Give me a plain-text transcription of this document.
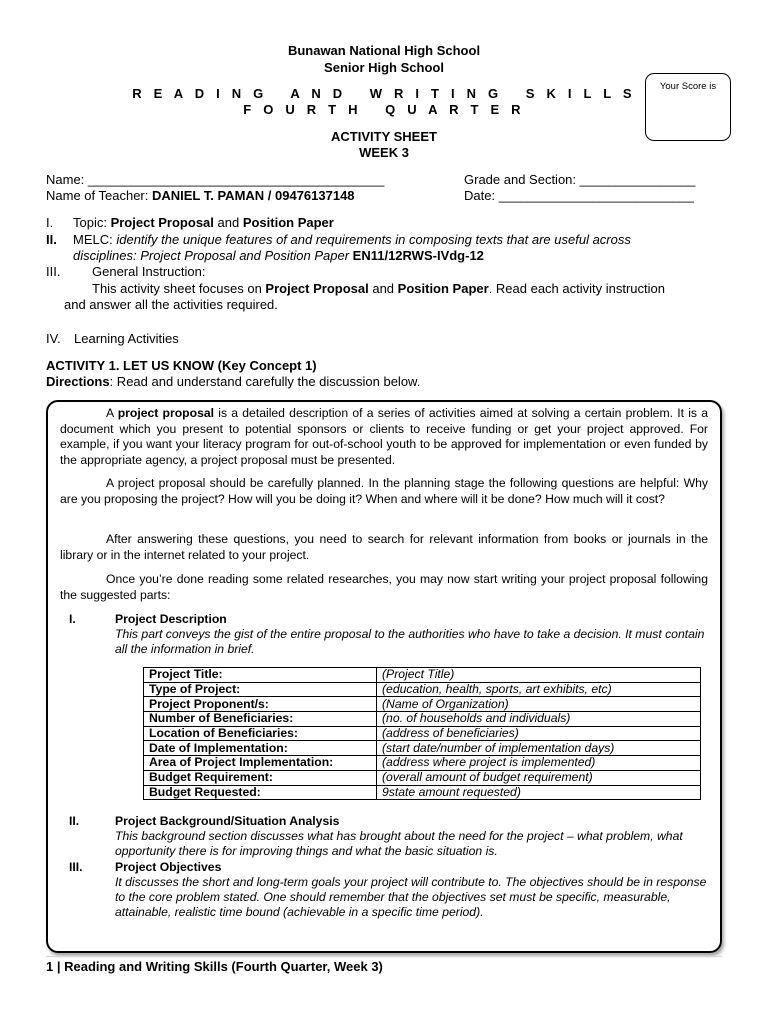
Bunawan National High School
Senior High School
R E A D I N G   A N D   W R I T I N G   S K I L L S
F O U R T H   Q U A R T E R
ACTIVITY SHEET
WEEK 3
Your Score is
Name: _________________________________________
Name of Teacher: DANIEL T. PAMAN / 09476137148
Grade and Section: ________________
Date: ___________________________
I. Topic: Project Proposal and Position Paper
II. MELC: identify the unique features of and requirements in composing texts that are useful across
disciplines: Project Proposal and Position Paper EN11/12RWS-IVdg-12
III. General Instruction:
This activity sheet focuses on Project Proposal and Position Paper. Read each activity instruction
and answer all the activities required.
IV. Learning Activities
ACTIVITY 1. LET US KNOW (Key Concept 1)
Directions: Read and understand carefully the discussion below.
A project proposal is a detailed description of a series of activities aimed at solving a certain problem. It is a document which you present to potential sponsors or clients to receive funding or get your project approved. For example, if you want your literacy program for out-of-school youth to be approved for implementation or even funded by the appropriate agency, a project proposal must be presented.
A project proposal should be carefully planned. In the planning stage the following questions are helpful: Why are you proposing the project? How will you be doing it? When and where will it be done? How much will it cost?
After answering these questions, you need to search for relevant information from books or journals in the library or in the internet related to your project.
Once you’re done reading some related researches, you may now start writing your project proposal following the suggested parts:
I.	Project Description
This part conveys the gist of the entire proposal to the authorities who have to take a decision. It must contain all the information in brief.
Project Title:	(Project Title)
Type of Project:	(education, health, sports, art exhibits, etc)
Project Proponent/s:	(Name of Organization)
Number of Beneficiaries:	(no. of households and individuals)
Location of Beneficiaries:	(address of beneficiaries)
Date of Implementation:	(start date/number of implementation days)
Area of Project Implementation:	(address where project is implemented)
Budget Requirement:	(overall amount of budget requirement)
Budget Requested:	9state amount requested)
II.	Project Background/Situation Analysis
This background section discusses what has brought about the need for the project – what problem, what opportunity there is for improving things and what the basic situation is.
III.	Project Objectives
It discusses the short and long-term goals your project will contribute to. The objectives should be in response to the core problem stated. One should remember that the objectives set must be specific, measurable, attainable, realistic time bound (achievable in a specific time period).
1 | Reading and Writing Skills (Fourth Quarter, Week 3)
